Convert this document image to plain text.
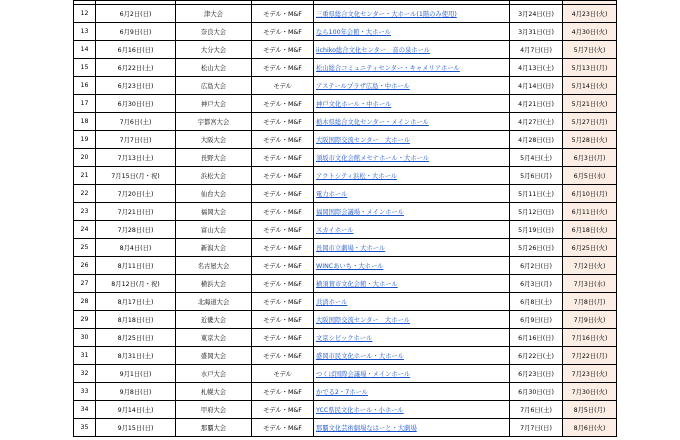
12	6月2日(日)	津大会	モデル・M&F	三重県総合文化センター・大ホール(1階のみ使用)	3月24日(日)	4月23日(火)
13	6月9日(日)	奈良大会	モデル・M&F	なら100年会館・大ホール	3月31日(日)	4月30日(火)
14	6月16日(日)	大分大会	モデル・M&F	iichiko総合文化センター　音の泉ホール	4月7日(日)	5月7日(火)
15	6月22日(土)	松山大会	モデル・M&F	松山総合コミュニティセンター・キャメリアホール	4月13日(土)	5月13日(月)
16	6月23日(日)	広島大会	モデル	アステールプラザ広島・中ホール	4月14日(日)	5月14日(火)
17	6月30日(日)	神戸大会	モデル・M&F	神戸文化ホール・中ホール	4月21日(日)	5月21日(火)
18	7月6日(土)	宇都宮大会	モデル・M&F	栃木県総合文化センター・メインホール	4月27日(土)	5月27日(月)
19	7月7日(日)	大阪大会	モデル・M&F	大阪国際交流センター　大ホール	4月28日(日)	5月28日(火)
20	7月13日(土)	長野大会	モデル・M&F	須坂市文化会館メセナホール・大ホール	5月4日(土)	6月3日(月)
21	7月15日(月・祝)	浜松大会	モデル・M&F	アクトシティ浜松・大ホール	5月6日(月)	6月5日(水)
22	7月20日(土)	仙台大会	モデル・M&F	電力ホール	5月11日(土)	6月10日(月)
23	7月21日(日)	福岡大会	モデル・M&F	福岡国際会議場・メインホール	5月12日(日)	6月11日(火)
24	7月28日(日)	富山大会	モデル・M&F	スカイホール	5月19日(日)	6月18日(火)
25	8月4日(日)	新潟大会	モデル・M&F	長岡市立劇場・大ホール	5月26日(日)	6月25日(火)
26	8月11日(日)	名古屋大会	モデル・M&F	WINCあいち・大ホール	6月2日(日)	7月2日(火)
27	8月12日(月・祝)	横浜大会	モデル・M&F	横須賀市文化会館・大ホール	6月3日(月)	7月3日(水)
28	8月17日(土)	北海道大会	モデル・M&F	共済ホール	6月8日(土)	7月8日(月)
29	8月18日(日)	近畿大会	モデル・M&F	大阪国際交流センター　大ホール	6月9日(日)	7月9日(火)
30	8月25日(日)	東京大会	モデル・M&F	文京シビックホール	6月16日(日)	7月16日(火)
31	8月31日(土)	盛岡大会	モデル・M&F	盛岡市民文化ホール・大ホール	6月22日(土)	7月22日(月)
32	9月1日(日)	水戸大会	モデル	つくば国際会議場・メインホール	6月23日(日)	7月23日(火)
33	9月8日(日)	札幌大会	モデル・M&F	かでる2・7ホール	6月30日(日)	7月30日(火)
34	9月14日(土)	甲府大会	モデル・M&F	YCC県民文化ホール・小ホール	7月6日(土)	8月5日(月)
35	9月15日(日)	那覇大会	モデル・M&F	那覇文化芸術劇場なはーと・大劇場	7月7日(日)	8月6日(火)
